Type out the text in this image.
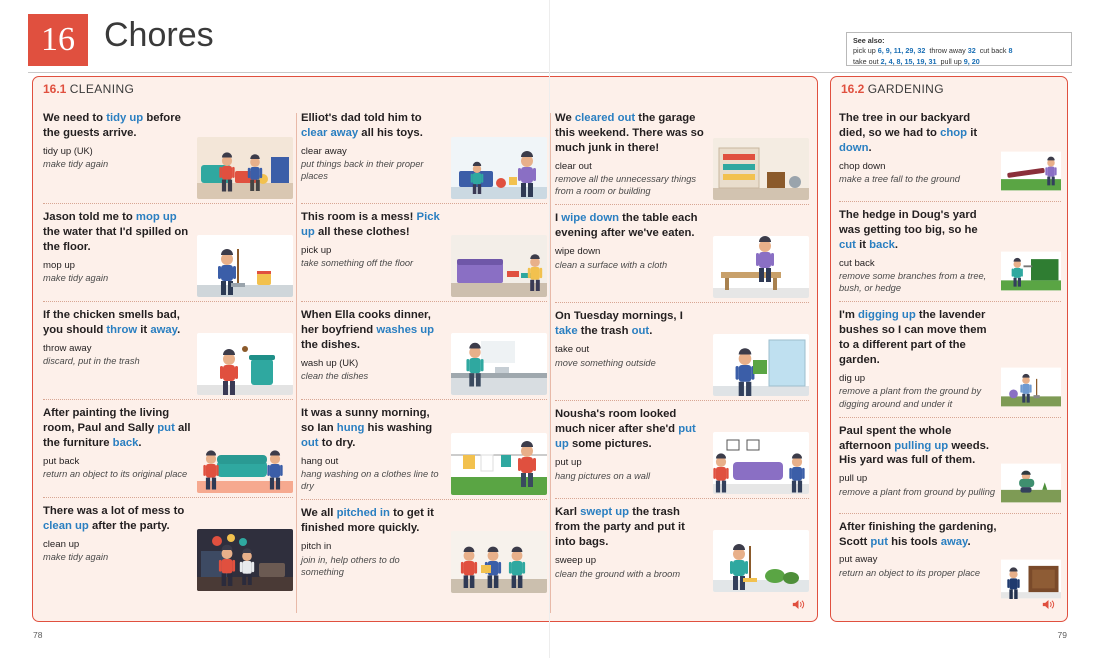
16 Chores	See also:
pick up 6, 9, 11, 29, 32 throw away 32 cut back 8
take out 2, 4, 8, 15, 19, 31 pull up 9, 20
16.1 CLEANING

We need to tidy up before the guests arrive.

tidy up (UK)

make tidy again

Jason told me to mop up the water that I'd spilled on the floor.

mop up

make tidy again

If the chicken smells bad, you should throw it away.

throw away

discard, put in the trash

After painting the living room, Paul and Sally put all the furniture back.

put back

return an object to its original place

There was a lot of mess to clean up after the party.

clean up

make tidy again

Elliot's dad told him to clear away all his toys.

clear away

put things back in their proper places

This room is a mess! Pick up all these clothes!

pick up

take something off the floor

When Ella cooks dinner, her boyfriend washes up the dishes.

wash up (UK)

clean the dishes

It was a sunny morning, so Ian hung his washing out to dry.

hang out

hang washing on a clothes line to dry

We all pitched in to get it finished more quickly.

pitch in

join in, help others to do something

We cleared out the garage this weekend. There was so much junk in there!

clear out

remove all the unnecessary things from a room or building

I wipe down the table each evening after we've eaten.

wipe down

clean a surface with a cloth

On Tuesday mornings, I take the trash out.

take out

move something outside

Nousha's room looked much nicer after she'd put up some pictures.

put up

hang pictures on a wall

Karl swept up the trash from the party and put it into bags.

sweep up

clean the ground with a broom

16.2 GARDENING

The tree in our backyard died, so we had to chop it down.

chop down

make a tree fall to the ground

The hedge in Doug's yard was getting too big, so he cut it back.

cut back

remove some branches from a tree, bush, or hedge

I'm digging up the lavender bushes so I can move them to a different part of the garden.

dig up

remove a plant from the ground by digging around and under it

Paul spent the whole afternoon pulling up weeds. His yard was full of them.

pull up

remove a plant from ground by pulling

After finishing the gardening, Scott put his tools away.

put away

return an object to its proper place

78	79
